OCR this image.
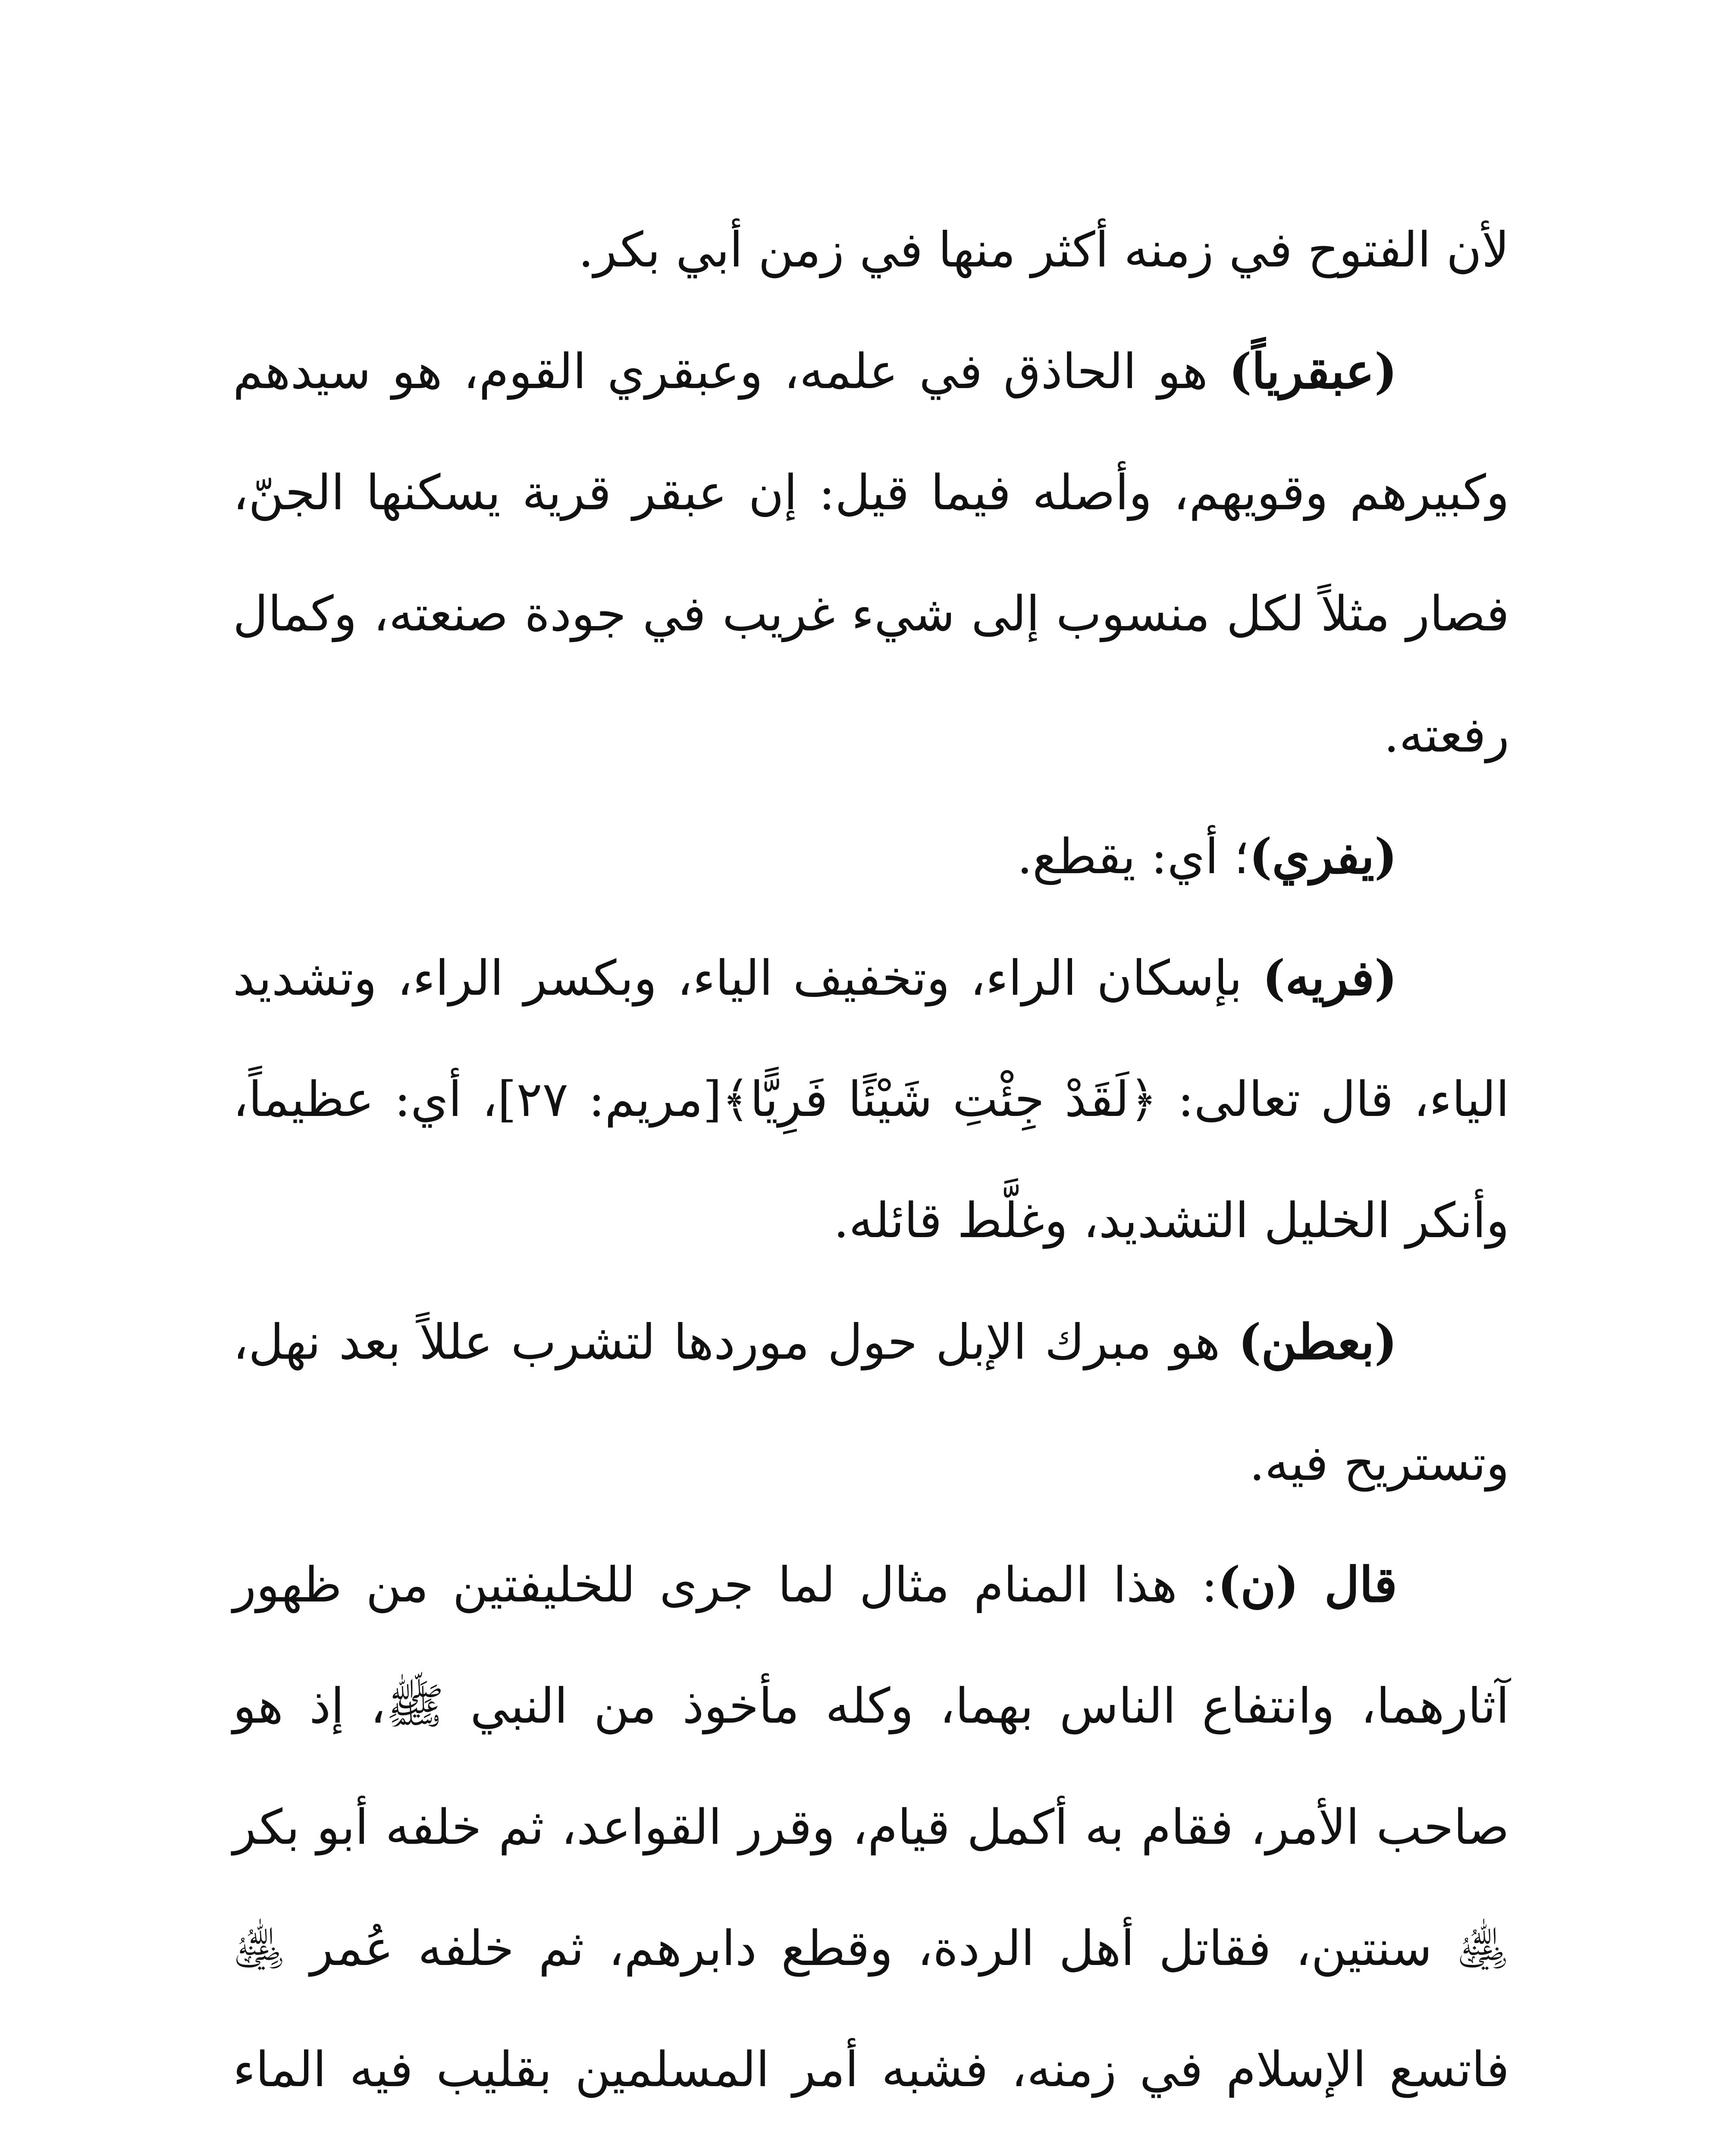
لأن الفتوح في زمنه أكثر منها في زمن أبي بكر.

(عبقرياً) هو الحاذق في علمه، وعبقري القوم، هو سيدهم وكبيرهم وقويهم، وأصله فيما قيل: إن عبقر قرية يسكنها الجنّ، فصار مثلاً لكل منسوب إلى شيء غريب في جودة صنعته، وكمال رفعته.

(يفري)؛ أي: يقطع.

(فريه) بإسكان الراء، وتخفيف الياء، وبكسر الراء، وتشديد الياء، قال تعالى: ﴿لَقَدْ جِئْتِ شَيْئًا فَرِيًّا﴾[مريم: ٢٧]، أي: عظيماً، وأنكر الخليل التشديد، وغلَّط قائله.

(بعطن) هو مبرك الإبل حول موردها لتشرب عللاً بعد نهل، وتستريح فيه.

قال (ن): هذا المنام مثال لما جرى للخليفتين من ظهور آثارهما، وانتفاع الناس بهما، وكله مأخوذ من النبي ﷺ، إذ هو صاحب الأمر، فقام به أكمل قيام، وقرر القواعد، ثم خلفه أبو بكر ﵁ سنتين، فقاتل أهل الردة، وقطع دابرهم، ثم خلفه عُمر ﵁ فاتسع الإسلام في زمنه، فشبه أمر المسلمين بقليب فيه الماء
